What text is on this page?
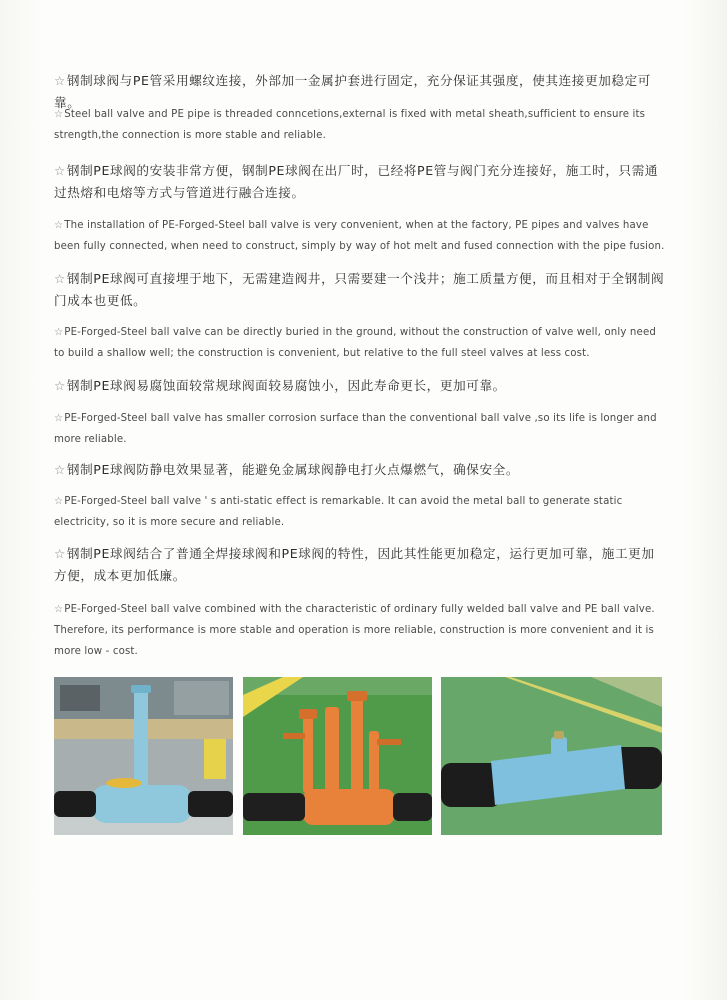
☆钢制球阀与PE管采用螺纹连接，外部加一金属护套进行固定，充分保证其强度，使其连接更加稳定可靠。

☆Steel ball valve and PE pipe is threaded conncetions,external is fixed with metal sheath,sufficient to ensure its strength,the connection is more stable and reliable.

☆钢制PE球阀的安装非常方便，钢制PE球阀在出厂时，已经将PE管与阀门充分连接好，施工时，只需通过热熔和电熔等方式与管道进行融合连接。

☆The installation of PE-Forged-Steel ball valve is very convenient, when at the factory, PE pipes and valves have been fully connected, when need to construct, simply by way of hot melt and fused connection with the pipe fusion.

☆钢制PE球阀可直接埋于地下，无需建造阀井，只需要建一个浅井；施工质量方便，而且相对于全钢制阀门成本也更低。

☆PE-Forged-Steel ball valve can be directly buried in the ground, without the construction of valve well, only need to build a shallow well; the construction is convenient, but relative to the full steel valves at less cost.

☆钢制PE球阀易腐蚀面较常规球阀面较易腐蚀小，因此寿命更长，更加可靠。

☆PE-Forged-Steel ball valve has smaller corrosion surface than the conventional ball valve ,so its life is longer and more reliable.

☆钢制PE球阀防静电效果显著，能避免金属球阀静电打火点爆燃气，确保安全。

☆PE-Forged-Steel ball valve ' s anti-static effect is remarkable. It can avoid the metal ball to generate static electricity, so it is more secure and reliable.

☆钢制PE球阀结合了普通全焊接球阀和PE球阀的特性，因此其性能更加稳定，运行更加可靠，施工更加方便，成本更加低廉。

☆PE-Forged-Steel ball valve combined with the characteristic of ordinary fully welded ball valve and PE ball valve. Therefore, its performance is more stable and operation is more reliable, construction is more convenient and it is more low - cost.
